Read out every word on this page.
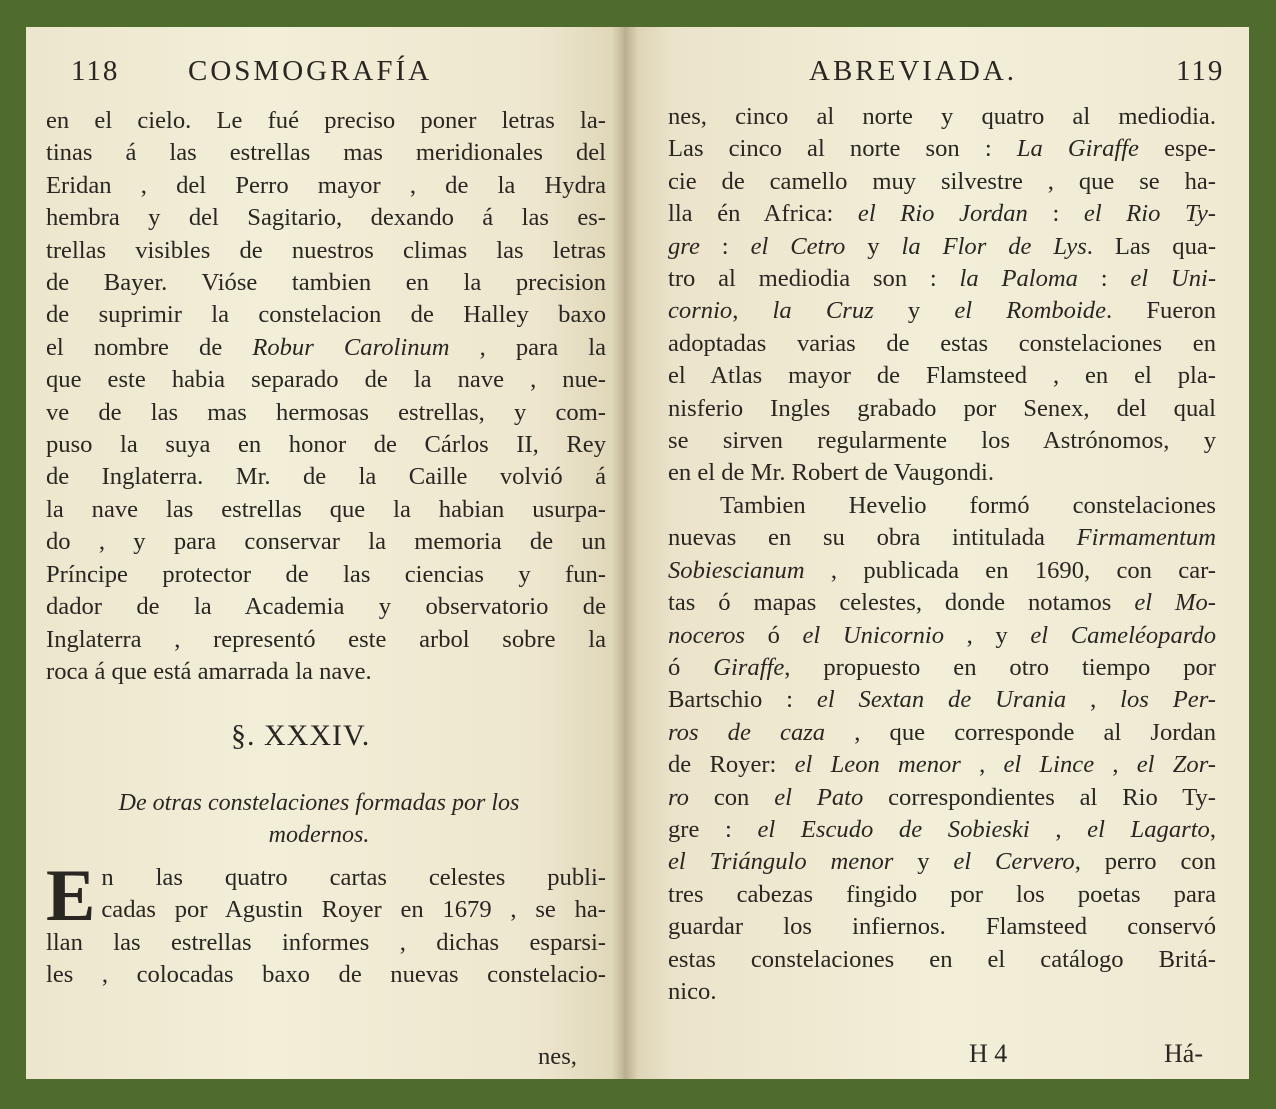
118 COSMOGRAFÍA
en el cielo. Le fué preciso poner letras la-
tinas á las estrellas mas meridionales del
Eridan , del Perro mayor , de la Hydra
hembra y del Sagitario, dexando á las es-
trellas visibles de nuestros climas las letras
de Bayer. Vióse tambien en la precision
de suprimir la constelacion de Halley baxo
el nombre de Robur Carolinum , para la
que este habia separado de la nave , nue-
ve de las mas hermosas estrellas, y com-
puso la suya en honor de Cárlos II, Rey
de Inglaterra. Mr. de la Caille volvió á
la nave las estrellas que la habian usurpa-
do , y para conservar la memoria de un
Príncipe protector de las ciencias y fun-
dador de la Academia y observatorio de
Inglaterra , representó este arbol sobre la
roca á que está amarrada la nave.
§. XXXIV.
De otras constelaciones formadas por los
modernos.
E n las quatro cartas celestes publi-
cadas por Agustin Royer en 1679 , se ha-
llan las estrellas informes , dichas esparsi-
les , colocadas baxo de nuevas constelacio-
nes,
ABREVIADA.	119
nes, cinco al norte y quatro al mediodia.
Las cinco al norte son : La Giraffe espe-
cie de camello muy silvestre , que se ha-
lla én Africa: el Rio Jordan : el Rio Ty-
gre : el Cetro y la Flor de Lys. Las qua-
tro al mediodia son : la Paloma : el Uni-
cornio, la Cruz y el Romboide. Fueron
adoptadas varias de estas constelaciones en
el Atlas mayor de Flamsteed , en el pla-
nisferio Ingles grabado por Senex, del qual
se sirven regularmente los Astrónomos, y
en el de Mr. Robert de Vaugondi.
Tambien Hevelio formó constelaciones
nuevas en su obra intitulada Firmamentum
Sobiescianum , publicada en 1690, con car-
tas ó mapas celestes, donde notamos el Mo-
noceros ó el Unicornio , y el Cameléopardo
ó Giraffe, propuesto en otro tiempo por
Bartschio : el Sextan de Urania , los Per-
ros de caza , que corresponde al Jordan
de Royer: el Leon menor , el Lince , el Zor-
ro con el Pato correspondientes al Rio Ty-
gre : el Escudo de Sobieski , el Lagarto,
el Triángulo menor y el Cervero, perro con
tres cabezas fingido por los poetas para
guardar los infiernos. Flamsteed conservó
estas constelaciones en el catálogo Britá-
nico.
H 4	Há-
